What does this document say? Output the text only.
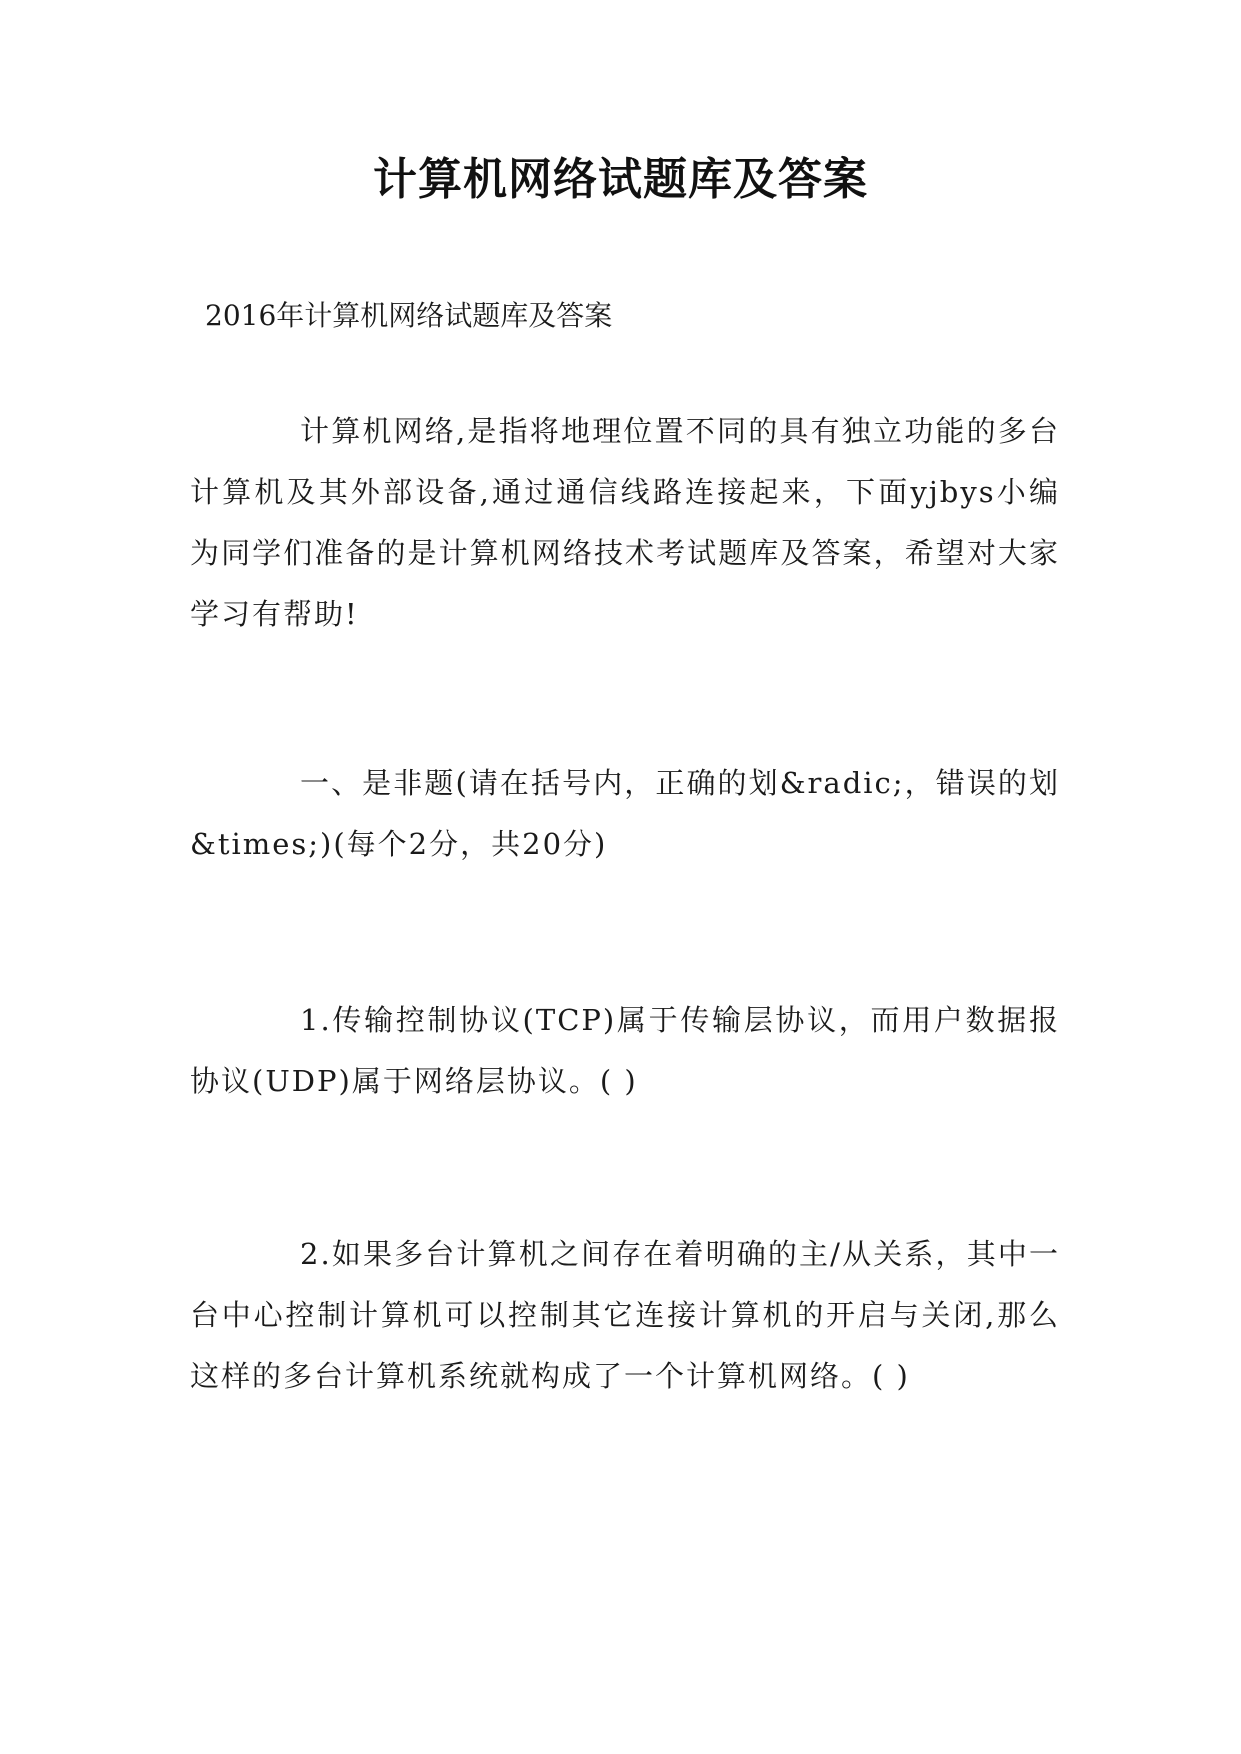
计算机网络试题库及答案
2016年计算机网络试题库及答案
计算机网络,是指将地理位置不同的具有独立功能的多台计算机及其外部设备,通过通信线路连接起来，下面yjbys小编为同学们准备的是计算机网络技术考试题库及答案，希望对大家学习有帮助!
一、是非题(请在括号内，正确的划&radic;，错误的划&times;)(每个2分，共20分)
1.传输控制协议(TCP)属于传输层协议，而用户数据报协议(UDP)属于网络层协议。( )
2.如果多台计算机之间存在着明确的主/从关系，其中一台中心控制计算机可以控制其它连接计算机的开启与关闭,那么这样的多台计算机系统就构成了一个计算机网络。( )
